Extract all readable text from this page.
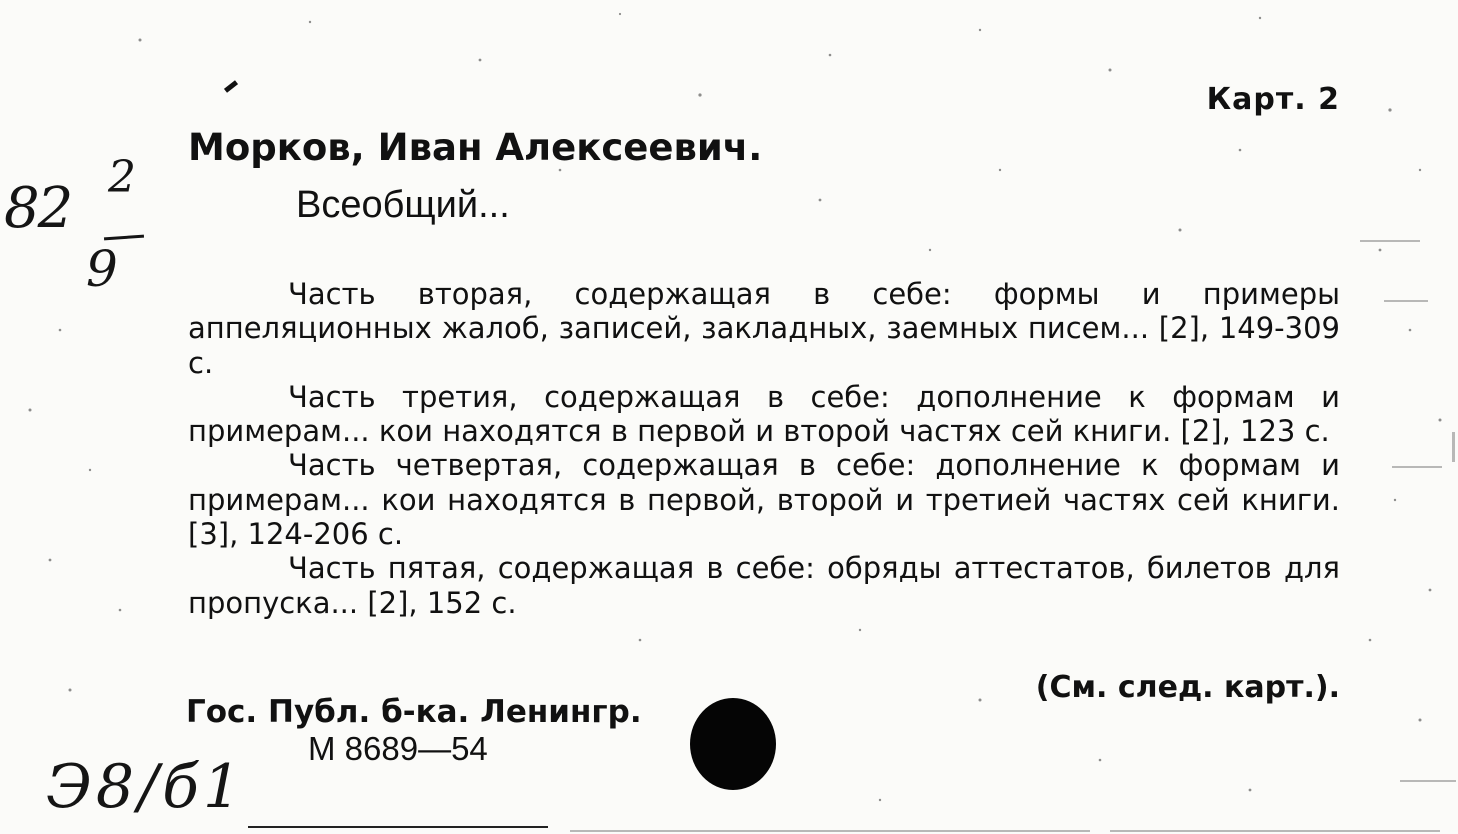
82 2
9
Карт. 2
Морков, Иван Алексеевич.
Всеобщий...

Часть вторая, содержащая в себе: формы и примеры аппеляционных жалоб, записей, закладных, заемных писем... [2], 149-309 с.

Часть третия, содержащая в себе: дополнение к формам и примерам... кои находятся в первой и второй частях сей книги. [2], 123 с.

Часть четвертая, содержащая в себе: дополнение к формам и примерам... кои находятся в первой, второй и третией частях сей книги. [3], 124-206 с.

Часть пятая, содержащая в себе: обряды аттестатов, билетов для пропуска... [2], 152 с.

(См. след. карт.).
Гос. Публ. б-ка. Ленингр.
М 8689—54
Э8/б1
